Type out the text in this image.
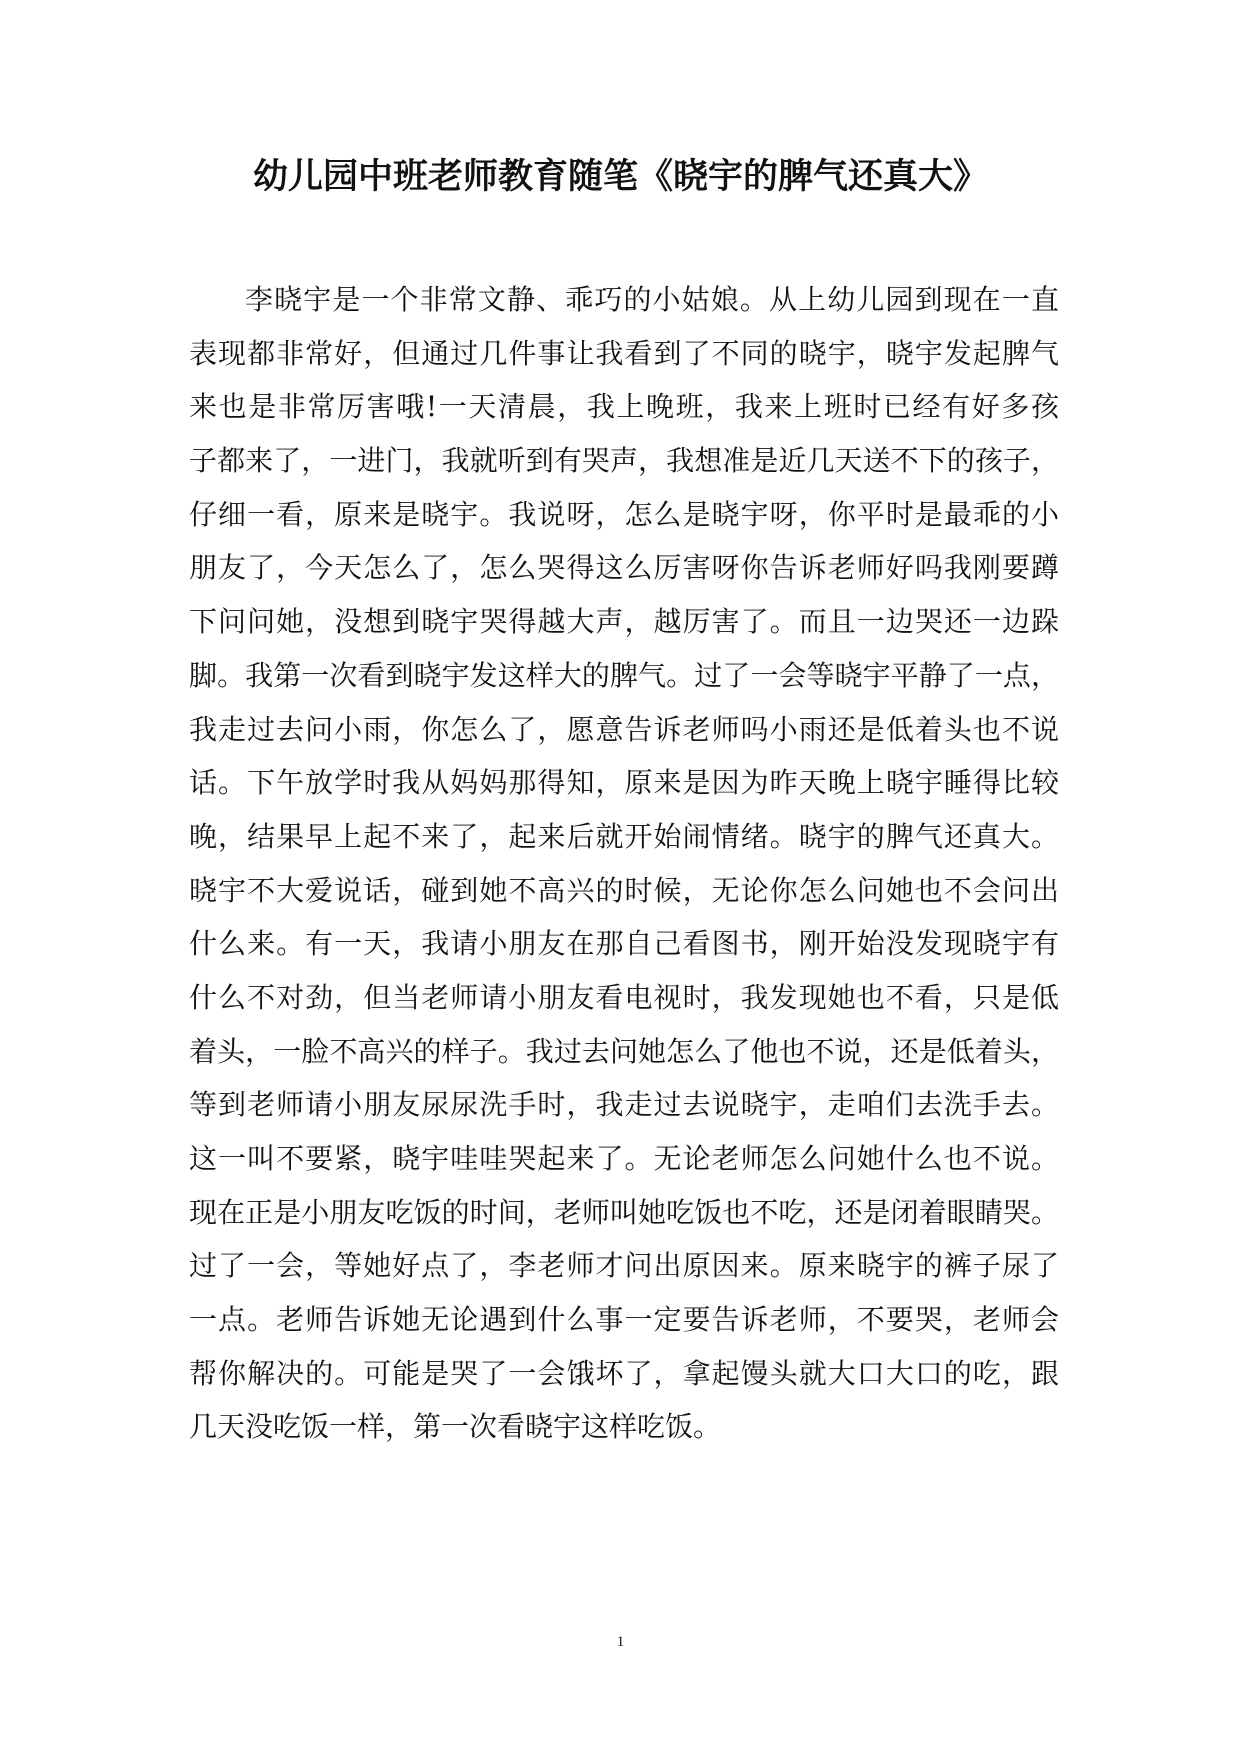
幼儿园中班老师教育随笔《晓宇的脾气还真大》
李晓宇是一个非常文静、乖巧的小姑娘。从上幼儿园到现在一直
表现都非常好，但通过几件事让我看到了不同的晓宇，晓宇发起脾气
来也是非常厉害哦!一天清晨，我上晚班，我来上班时已经有好多孩
子都来了，一进门，我就听到有哭声，我想准是近几天送不下的孩子，
仔细一看，原来是晓宇。我说呀，怎么是晓宇呀，你平时是最乖的小
朋友了，今天怎么了，怎么哭得这么厉害呀你告诉老师好吗我刚要蹲
下问问她，没想到晓宇哭得越大声，越厉害了。而且一边哭还一边跺
脚。我第一次看到晓宇发这样大的脾气。过了一会等晓宇平静了一点，
我走过去问小雨，你怎么了，愿意告诉老师吗小雨还是低着头也不说
话。下午放学时我从妈妈那得知，原来是因为昨天晚上晓宇睡得比较
晚，结果早上起不来了，起来后就开始闹情绪。晓宇的脾气还真大。
晓宇不大爱说话，碰到她不高兴的时候，无论你怎么问她也不会问出
什么来。有一天，我请小朋友在那自己看图书，刚开始没发现晓宇有
什么不对劲，但当老师请小朋友看电视时，我发现她也不看，只是低
着头，一脸不高兴的样子。我过去问她怎么了他也不说，还是低着头，
等到老师请小朋友尿尿洗手时，我走过去说晓宇，走咱们去洗手去。
这一叫不要紧，晓宇哇哇哭起来了。无论老师怎么问她什么也不说。
现在正是小朋友吃饭的时间，老师叫她吃饭也不吃，还是闭着眼睛哭。
过了一会，等她好点了，李老师才问出原因来。原来晓宇的裤子尿了
一点。老师告诉她无论遇到什么事一定要告诉老师，不要哭，老师会
帮你解决的。可能是哭了一会饿坏了，拿起馒头就大口大口的吃，跟
几天没吃饭一样，第一次看晓宇这样吃饭。
1
